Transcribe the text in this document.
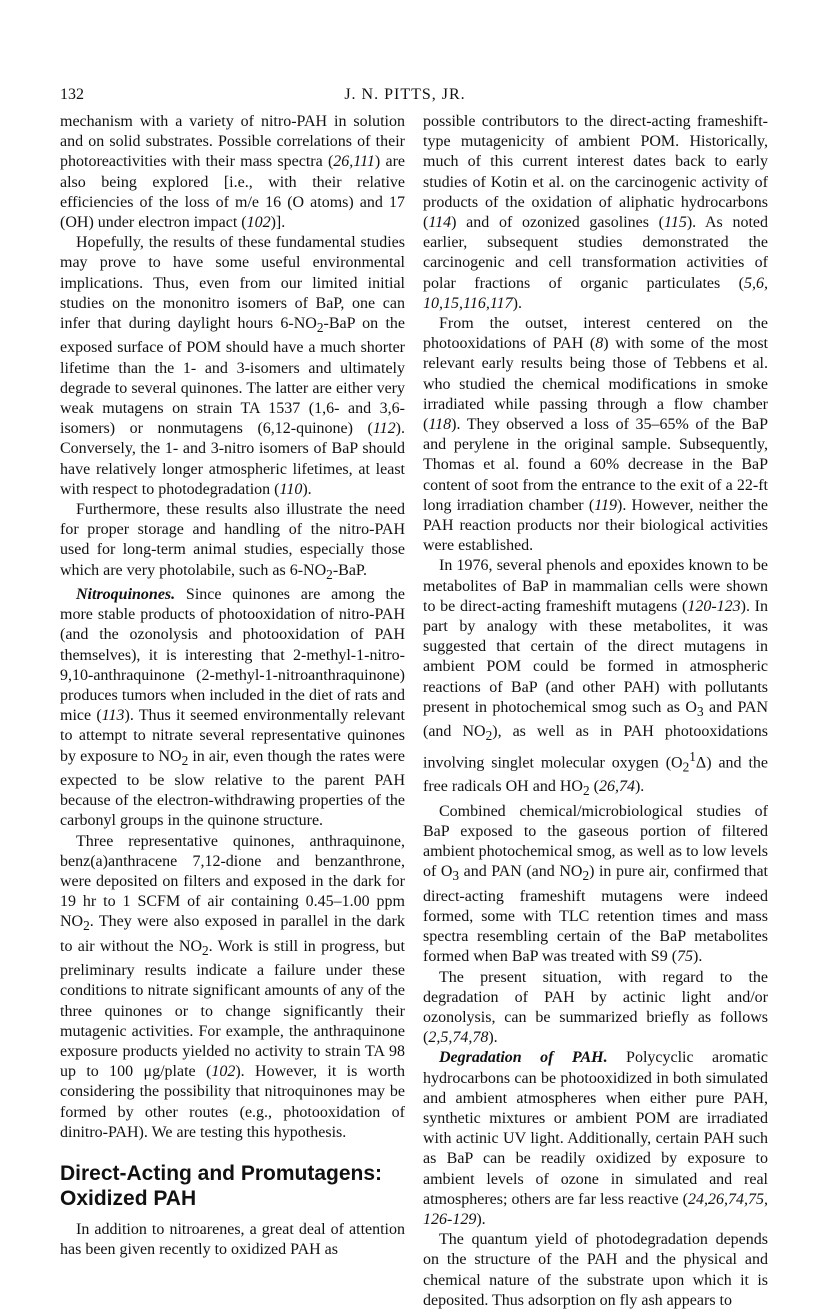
132	J. N. PITTS, JR.

mechanism with a variety of nitro-PAH in solution and on solid substrates. Possible correlations of their photoreactivities with their mass spectra (26,111) are also being explored [i.e., with their relative efficiencies of the loss of m/e 16 (O atoms) and 17 (OH) under electron impact (102)].

Hopefully, the results of these fundamental studies may prove to have some useful environmental implications. Thus, even from our limited initial studies on the mononitro isomers of BaP, one can infer that during daylight hours $6-NO_2$-BaP on the exposed surface of POM should have a much shorter lifetime than the 1- and 3-isomers and ultimately degrade to several quinones. The latter are either very weak mutagens on strain TA 1537 (1,6- and 3,6-isomers) or nonmutagens (6,12-quinone) (112). Conversely, the 1- and 3-nitro isomers of BaP should have relatively longer atmospheric lifetimes, at least with respect to photodegradation (110).

Furthermore, these results also illustrate the need for proper storage and handling of the nitro-PAH used for long-term animal studies, especially those which are very photolabile, such as $6-NO_2$-BaP.

Nitroquinones. Since quinones are among the more stable products of photooxidation of nitro-PAH (and the ozonolysis and photooxidation of PAH themselves), it is interesting that 2-methyl-1-nitro-9,10-anthraquinone (2-methyl-1-nitroanthraquinone) produces tumors when included in the diet of rats and mice (113). Thus it seemed environmentally relevant to attempt to nitrate several representative quinones by exposure to $NO_2$ in air, even though the rates were expected to be slow relative to the parent PAH because of the electron-withdrawing properties of the carbonyl groups in the quinone structure.

Three representative quinones, anthraquinone, benz(a)anthracene 7,12-dione and benzanthrone, were deposited on filters and exposed in the dark for 19 hr to 1 SCFM of air containing 0.45–1.00 ppm $NO_2$. They were also exposed in parallel in the dark to air without the $NO_2$. Work is still in progress, but preliminary results indicate a failure under these conditions to nitrate significant amounts of any of the three quinones or to change significantly their mutagenic activities. For example, the anthraquinone exposure products yielded no activity to strain TA 98 up to 100 μg/plate (102). However, it is worth considering the possibility that nitroquinones may be formed by other routes (e.g., photooxidation of dinitro-PAH). We are testing this hypothesis.

Direct-Acting and Promutagens:
Oxidized PAH

In addition to nitroarenes, a great deal of attention has been given recently to oxidized PAH as

possible contributors to the direct-acting frameshift-type mutagenicity of ambient POM. Historically, much of this current interest dates back to early studies of Kotin et al. on the carcinogenic activity of products of the oxidation of aliphatic hydrocarbons (114) and of ozonized gasolines (115). As noted earlier, subsequent studies demonstrated the carcinogenic and cell transformation activities of polar fractions of organic particulates (5,6, 10,15,116,117).

From the outset, interest centered on the photooxidations of PAH (8) with some of the most relevant early results being those of Tebbens et al. who studied the chemical modifications in smoke irradiated while passing through a flow chamber (118). They observed a loss of 35–65% of the BaP and perylene in the original sample. Subsequently, Thomas et al. found a 60% decrease in the BaP content of soot from the entrance to the exit of a 22-ft long irradiation chamber (119). However, neither the PAH reaction products nor their biological activities were established.

In 1976, several phenols and epoxides known to be metabolites of BaP in mammalian cells were shown to be direct-acting frameshift mutagens (120-123). In part by analogy with these metabolites, it was suggested that certain of the direct mutagens in ambient POM could be formed in atmospheric reactions of BaP (and other PAH) with pollutants present in photochemical smog such as $O_3$ and PAN (and $NO_2$), as well as in PAH photooxidations involving singlet molecular oxygen $(O_2^1\Delta)$ and the free radicals OH and $HO_2$ (26,74).

Combined chemical/microbiological studies of BaP exposed to the gaseous portion of filtered ambient photochemical smog, as well as to low levels of $O_3$ and PAN (and $NO_2$) in pure air, confirmed that direct-acting frameshift mutagens were indeed formed, some with TLC retention times and mass spectra resembling certain of the BaP metabolites formed when BaP was treated with S9 (75).

The present situation, with regard to the degradation of PAH by actinic light and/or ozonolysis, can be summarized briefly as follows (2,5,74,78).

Degradation of PAH. Polycyclic aromatic hydrocarbons can be photooxidized in both simulated and ambient atmospheres when either pure PAH, synthetic mixtures or ambient POM are irradiated with actinic UV light. Additionally, certain PAH such as BaP can be readily oxidized by exposure to ambient levels of ozone in simulated and real atmospheres; others are far less reactive (24,26,74,75, 126-129).

The quantum yield of photodegradation depends on the structure of the PAH and the physical and chemical nature of the substrate upon which it is deposited. Thus adsorption on fly ash appears to
